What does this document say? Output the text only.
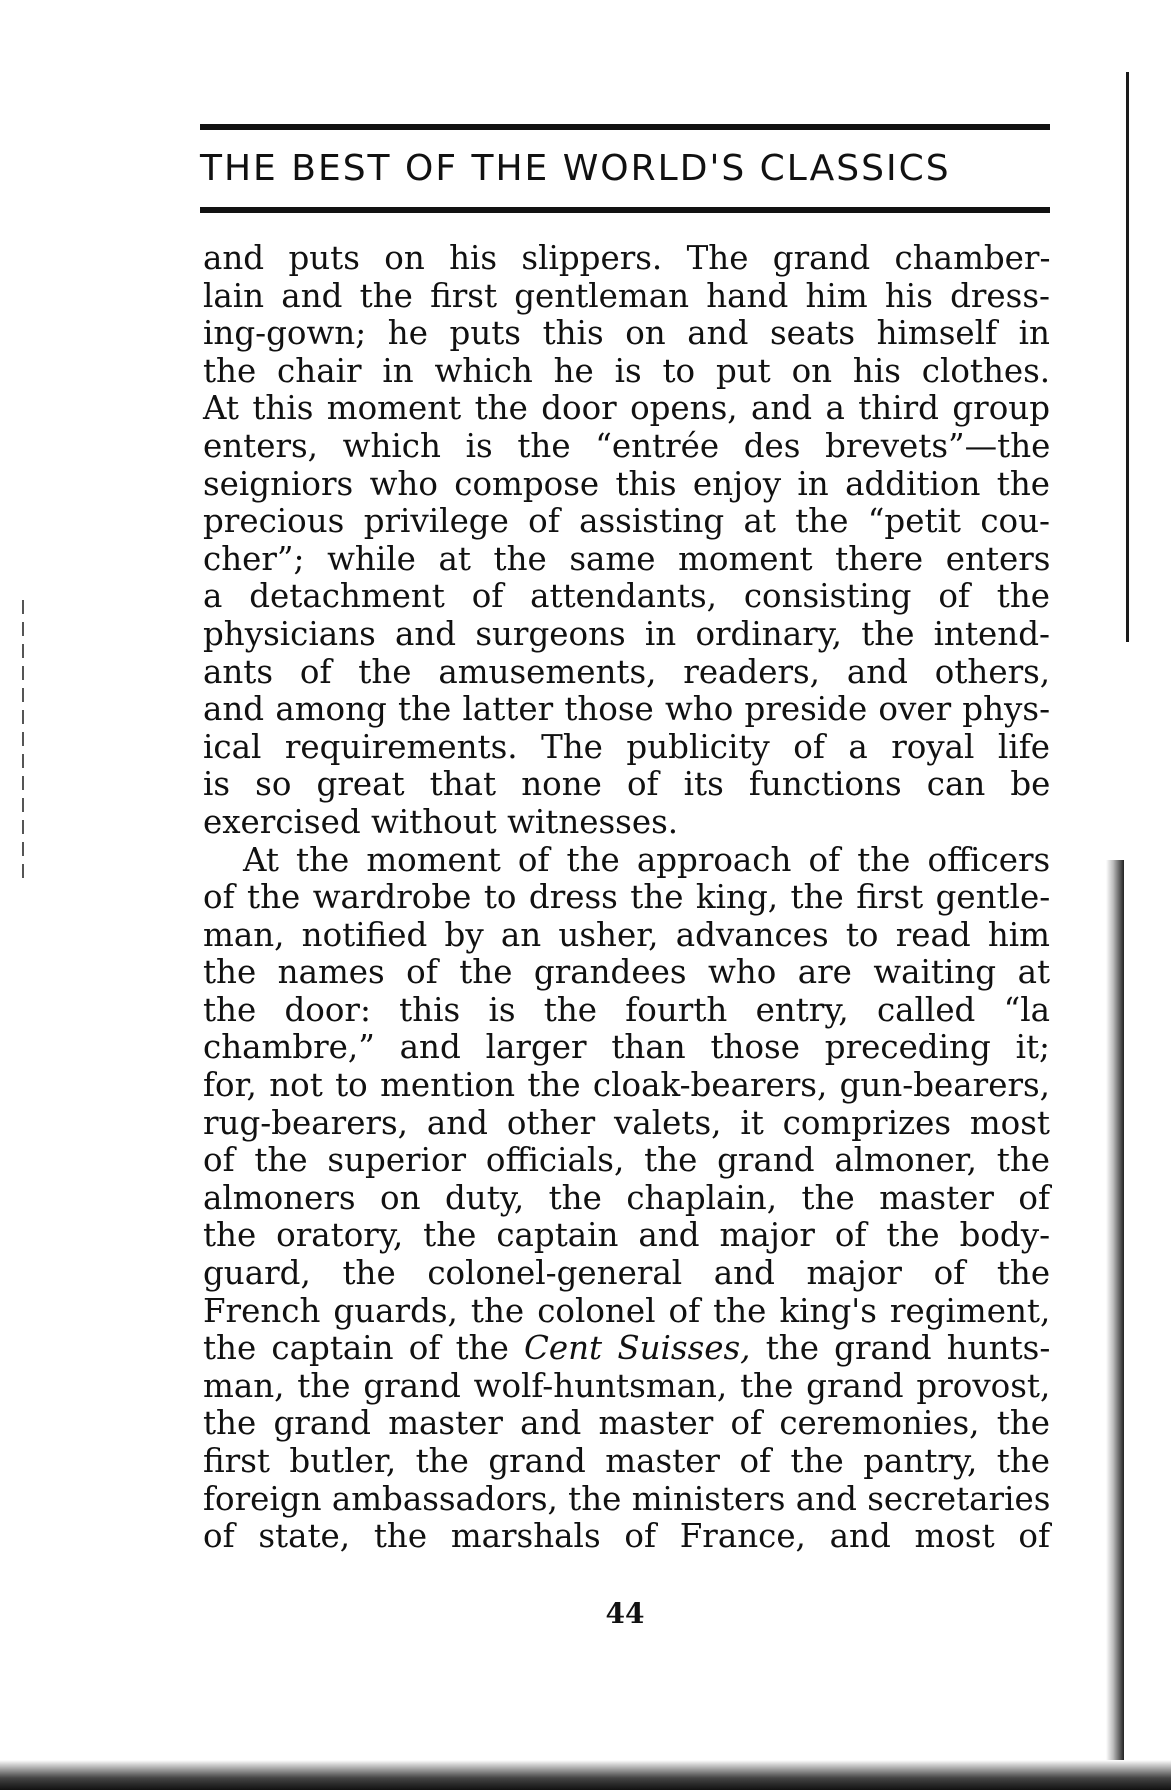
THE BEST OF THE WORLD'S CLASSICS
and puts on his slippers. The grand chamber-
lain and the first gentleman hand him his dress-
ing-gown; he puts this on and seats himself in
the chair in which he is to put on his clothes.
At this moment the door opens, and a third group
enters, which is the “entrée des brevets”—the
seigniors who compose this enjoy in addition the
precious privilege of assisting at the “petit cou-
cher”; while at the same moment there enters
a detachment of attendants, consisting of the
physicians and surgeons in ordinary, the intend-
ants of the amusements, readers, and others,
and among the latter those who preside over phys-
ical requirements. The publicity of a royal life
is so great that none of its functions can be
exercised without witnesses.
At the moment of the approach of the officers
of the wardrobe to dress the king, the first gentle-
man, notified by an usher, advances to read him
the names of the grandees who are waiting at
the door: this is the fourth entry, called “la
chambre,” and larger than those preceding it;
for, not to mention the cloak-bearers, gun-bearers,
rug-bearers, and other valets, it comprizes most
of the superior officials, the grand almoner, the
almoners on duty, the chaplain, the master of
the oratory, the captain and major of the body-
guard, the colonel-general and major of the
French guards, the colonel of the king's regiment,
the captain of the Cent Suisses, the grand hunts-
man, the grand wolf-huntsman, the grand provost,
the grand master and master of ceremonies, the
first butler, the grand master of the pantry, the
foreign ambassadors, the ministers and secretaries
of state, the marshals of France, and most of
44
